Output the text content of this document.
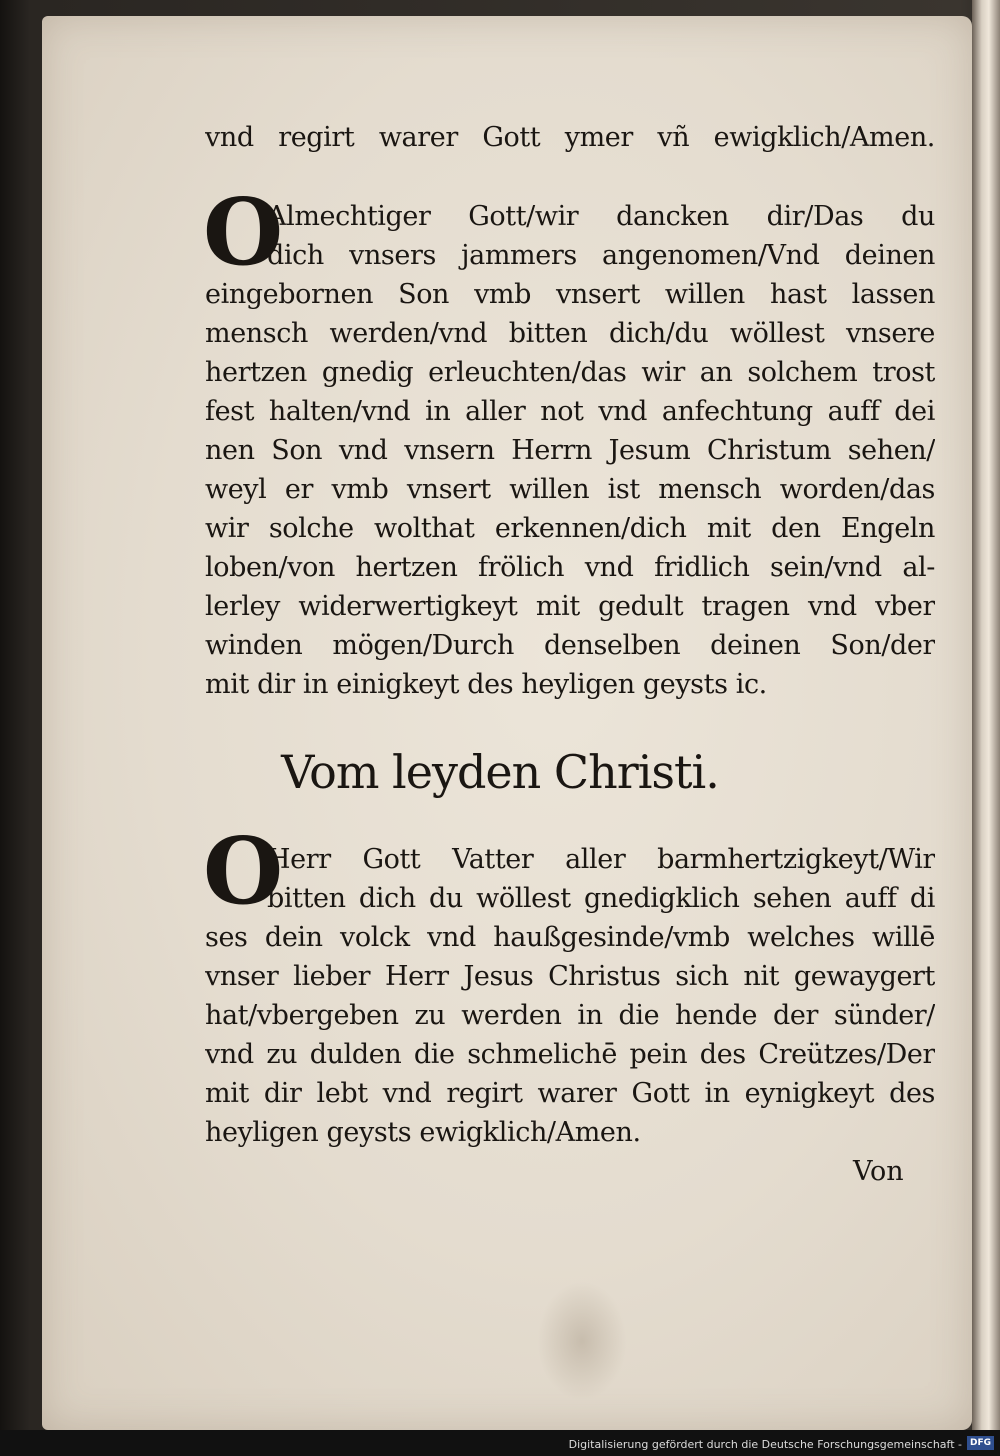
vnd regirt warer Gott ymer vñ ewigklich/Amen.
O
Almechtiger Gott/wir dancken dir/Das du
dich vnsers jammers angenomen/Vnd deinen
eingebornen Son vmb vnsert willen hast lassen
mensch werden/vnd bitten dich/du wöllest vnsere
hertzen gnedig erleuchten/das wir an solchem trost
fest halten/vnd in aller not vnd anfechtung auff dei
nen Son vnd vnsern Herrn Jesum Christum sehen/
weyl er vmb vnsert willen ist mensch worden/das
wir solche wolthat erkennen/dich mit den Engeln
loben/von hertzen frölich vnd fridlich sein/vnd al-
lerley widerwertigkeyt mit gedult tragen vnd vber
winden mögen/Durch denselben deinen Son/der
mit dir in einigkeyt des heyligen geysts ic.
Vom leyden Christi.
O
Herr Gott Vatter aller barmhertzigkeyt/Wir
bitten dich du wöllest gnedigklich sehen auff di
ses dein volck vnd haußgesinde/vmb welches willē
vnser lieber Herr Jesus Christus sich nit gewaygert
hat/vbergeben zu werden in die hende der sünder/
vnd zu dulden die schmelichē pein des Creützes/Der
mit dir lebt vnd regirt warer Gott in eynigkeyt des
heyligen geysts ewigklich/Amen.
Von
Digitalisierung gefördert durch die Deutsche Forschungsgemeinschaft - DFG
